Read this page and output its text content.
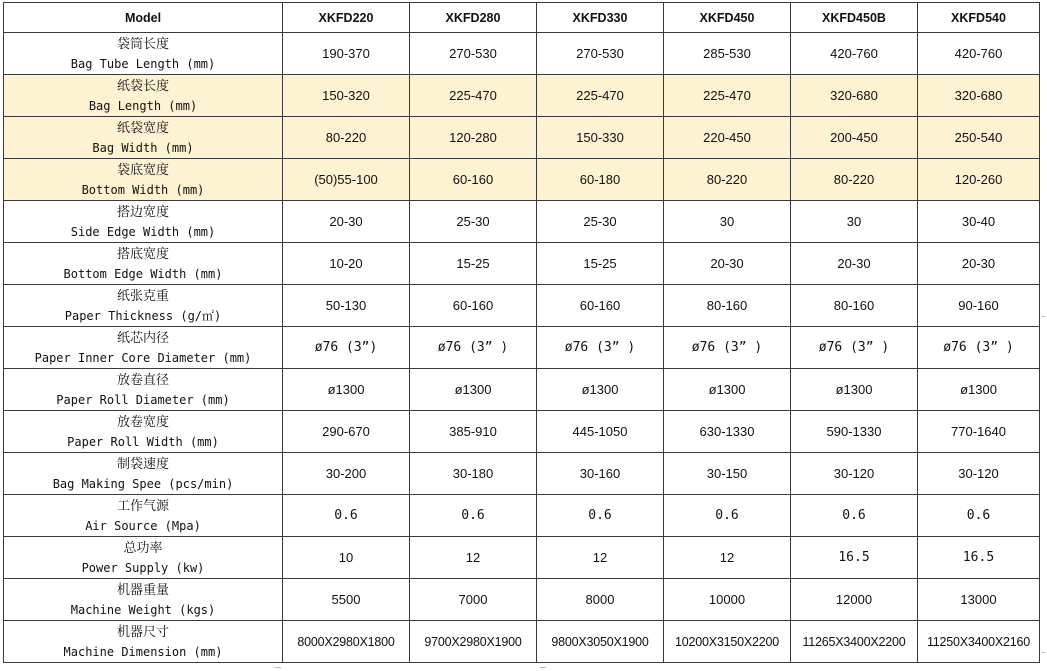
Model	XKFD220	XKFD280	XKFD330	XKFD450	XKFD450B	XKFD540

袋筒长度
Bag Tube Length (mm)	190-370	270-530	270-530	285-530	420-760	420-760

纸袋长度
Bag Length (mm)	150-320	225-470	225-470	225-470	320-680	320-680

纸袋宽度
Bag Width (mm)	80-220	120-280	150-330	220-450	200-450	250-540

袋底宽度
Bottom Width (mm)	(50)55-100	60-160	60-180	80-220	80-220	120-260

搭边宽度
Side Edge Width (mm)	20-30	25-30	25-30	30	30	30-40

搭底宽度
Bottom Edge Width (mm)	10-20	15-25	15-25	20-30	20-30	20-30

纸张克重
Paper Thickness (g/㎡)	50-130	60-160	60-160	80-160	80-160	90-160

纸芯内径
Paper Inner Core Diameter (mm)	ø76 (3”)	ø76 (3” )	ø76 (3” )	ø76 (3” )	ø76 (3” )	ø76 (3” )

放卷直径
Paper Roll Diameter (mm)	ø1300	ø1300	ø1300	ø1300	ø1300	ø1300

放卷宽度
Paper Roll Width (mm)	290-670	385-910	445-1050	630-1330	590-1330	770-1640

制袋速度
Bag Making Spee (pcs/min)	30-200	30-180	30-160	30-150	30-120	30-120

工作气源
Air Source (Mpa)	0.6	0.6	0.6	0.6	0.6	0.6

总功率
Power Supply (kw)	10	12	12	12	16.5	16.5

机器重量
Machine Weight (kgs)	5500	7000	8000	10000	12000	13000

机器尺寸
Machine Dimension (mm)	8000X2980X1800	9700X2980X1900	9800X3050X1900	10200X3150X2200	11265X3400X2200	11250X3400X2160
